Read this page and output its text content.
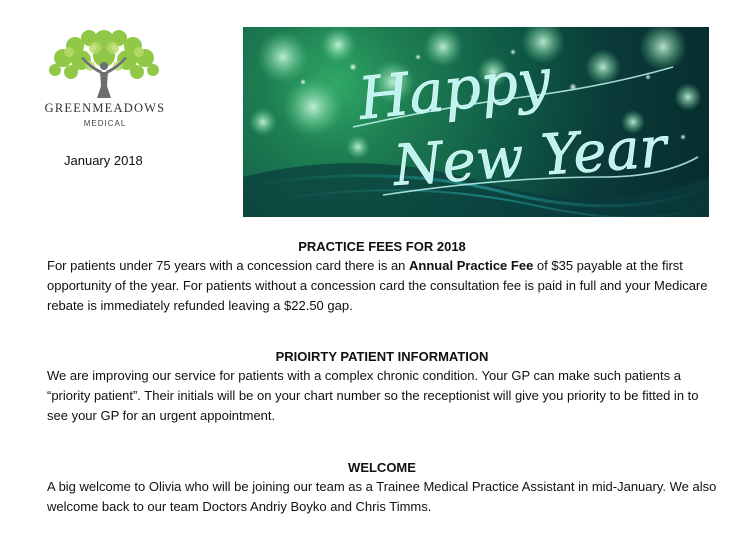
GREENMEADOWS
MEDICAL
January 2018
Happy
New Year

PRACTICE FEES FOR 2018

For patients under 75 years with a concession card there is an Annual Practice Fee of $35 payable at the first opportunity of the year. For patients without a concession card the consultation fee is paid in full and your Medicare rebate is immediately refunded leaving a $22.50 gap.

PRIOIRTY PATIENT INFORMATION

We are improving our service for patients with a complex chronic condition. Your GP can make such patients a “priority patient”. Their initials will be on your chart number so the receptionist will give you priority to be fitted in to see your GP for an urgent appointment.

WELCOME

A big welcome to Olivia who will be joining our team as a Trainee Medical Practice Assistant in mid-January. We also welcome back to our team Doctors Andriy Boyko and Chris Timms.
